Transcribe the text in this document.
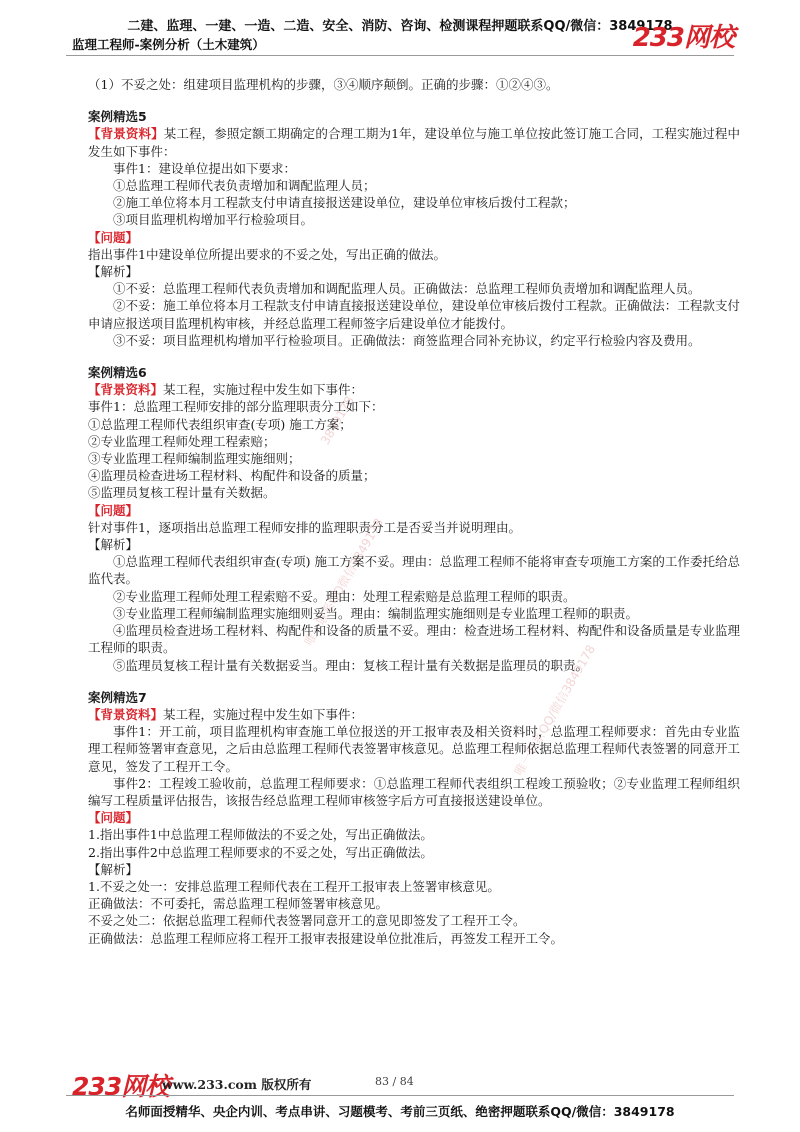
二建、监理、一建、一造、二造、安全、消防、咨询、检测课程押题联系QQ/微信：3849178
监理工程师-案例分析（土木建筑）	233网校
3849178
唯一联系QQ微信3849178
唯一联系QQ/微信3849178

（1）不妥之处：组建项目监理机构的步骤，③④顺序颠倒。正确的步骤：①②④③。

案例精选5

【背景资料】某工程，参照定额工期确定的合理工期为1年，建设单位与施工单位按此签订施工合同，工程实施过程中发生如下事件：

事件1：建设单位提出如下要求：

①总监理工程师代表负责增加和调配监理人员；

②施工单位将本月工程款支付申请直接报送建设单位，建设单位审核后拨付工程款；

③项目监理机构增加平行检验项目。

【问题】

指出事件1中建设单位所提出要求的不妥之处，写出正确的做法。

【解析】

①不妥：总监理工程师代表负责增加和调配监理人员。正确做法：总监理工程师负责增加和调配监理人员。

②不妥：施工单位将本月工程款支付申请直接报送建设单位，建设单位审核后拨付工程款。正确做法：工程款支付申请应报送项目监理机构审核，并经总监理工程师签字后建设单位才能拨付。

③不妥：项目监理机构增加平行检验项目。正确做法：商签监理合同补充协议，约定平行检验内容及费用。

案例精选6

【背景资料】某工程，实施过程中发生如下事件：

事件1：总监理工程师安排的部分监理职责分工如下：

①总监理工程师代表组织审查(专项) 施工方案；

②专业监理工程师处理工程索赔；

③专业监理工程师编制监理实施细则；

④监理员检查进场工程材料、构配件和设备的质量；

⑤监理员复核工程计量有关数据。

【问题】

针对事件1，逐项指出总监理工程师安排的监理职责分工是否妥当并说明理由。

【解析】

①总监理工程师代表组织审查(专项) 施工方案不妥。理由：总监理工程师不能将审查专项施工方案的工作委托给总监代表。

②专业监理工程师处理工程索赔不妥。理由：处理工程索赔是总监理工程师的职责。

③专业监理工程师编制监理实施细则妥当。理由：编制监理实施细则是专业监理工程师的职责。

④监理员检查进场工程材料、构配件和设备的质量不妥。理由：检查进场工程材料、构配件和设备质量是专业监理工程师的职责。

⑤监理员复核工程计量有关数据妥当。理由：复核工程计量有关数据是监理员的职责。

案例精选7

【背景资料】某工程，实施过程中发生如下事件：

事件1：开工前，项目监理机构审查施工单位报送的开工报审表及相关资料时，总监理工程师要求：首先由专业监理工程师签署审查意见，之后由总监理工程师代表签署审核意见。总监理工程师依据总监理工程师代表签署的同意开工意见，签发了工程开工令。

事件2：工程竣工验收前，总监理工程师要求：①总监理工程师代表组织工程竣工预验收；②专业监理工程师组织编写工程质量评估报告，该报告经总监理工程师审核签字后方可直接报送建设单位。

【问题】

1.指出事件1中总监理工程师做法的不妥之处，写出正确做法。

2.指出事件2中总监理工程师要求的不妥之处，写出正确做法。

【解析】

1.不妥之处一：安排总监理工程师代表在工程开工报审表上签署审核意见。

正确做法：不可委托，需总监理工程师签署审核意见。

不妥之处二：依据总监理工程师代表签署同意开工的意见即签发了工程开工令。

正确做法：总监理工程师应将工程开工报审表报建设单位批准后，再签发工程开工令。

233网校
www.233.com 版权所有	83 / 84
名师面授精华、央企内训、考点串讲、习题模考、考前三页纸、绝密押题联系QQ/微信：3849178
